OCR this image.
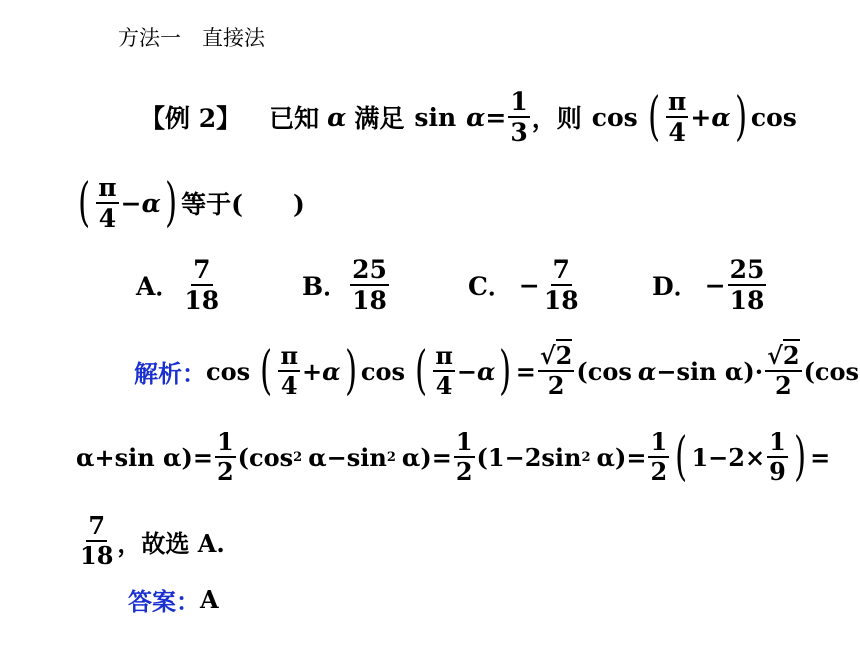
方法一　直接法
【例 2】 已知 α 满足 $\sin \alpha = \frac{1}{3}$ ，则 cos ( $\frac{\pi}{4} + \alpha$ ) cos
( $\frac{\pi}{4} - \alpha$ ) 等于(　　)
A． $\frac{7}{18}$	B． $\frac{25}{18}$	C． − $\frac{7}{18}$	D． − $\frac{25}{18}$
解析： cos ( $\frac{\pi}{4} + \alpha$ ) cos ( $\frac{\pi}{4} - \alpha$ ) = $\frac{√2}{2} (\cos$ $\alpha - \sin \alpha) \cdot \frac{√2}{2} (\cos$
α+sin $\alpha)= \frac{1}{2} (\cos$ 2 α−sin 2 $\alpha)= \frac{1}{2} (1-2\sin$ 2 $\alpha)= \frac{1}{2}$ ( $1-2\times \frac{1}{9}$ ) =
$\frac{7}{18}$ ，故选 A.
答案： A
